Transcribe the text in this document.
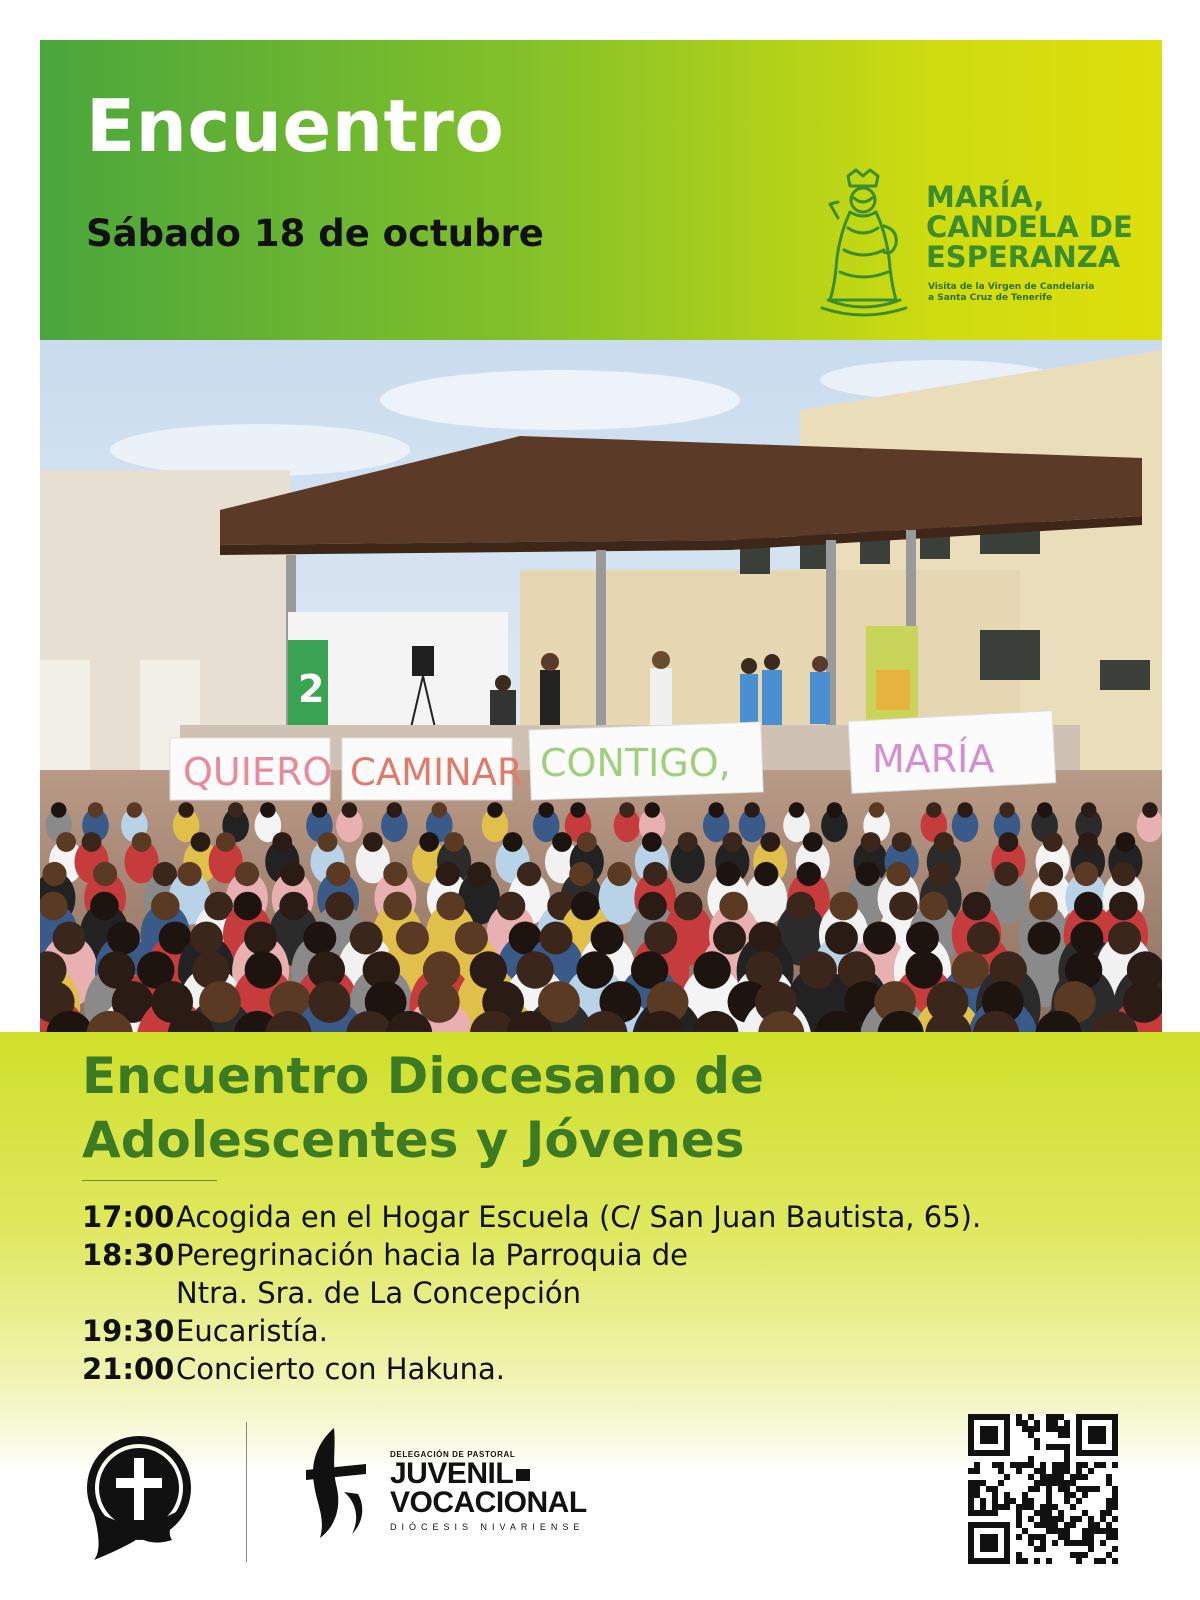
Encuentro
Sábado 18 de octubre
MARÍA,
CANDELA DE
ESPERANZA
Visita de la Virgen de Candelaria
a Santa Cruz de Tenerife
2
QUIERO CAMINAR CONTIGO,	MARÍA
Encuentro Diocesano de
Adolescentes y Jóvenes
17:00 Acogida en el Hogar Escuela (C/ San Juan Bautista, 65).
18:30 Peregrinación hacia la Parroquia de
Ntra. Sra. de La Concepción
19:30 Eucaristía.
21:00 Concierto con Hakuna.
DELEGACIÓN DE PASTORAL
JUVENIL
VOCACIONAL
DIÓCESIS NIVARIENSE
